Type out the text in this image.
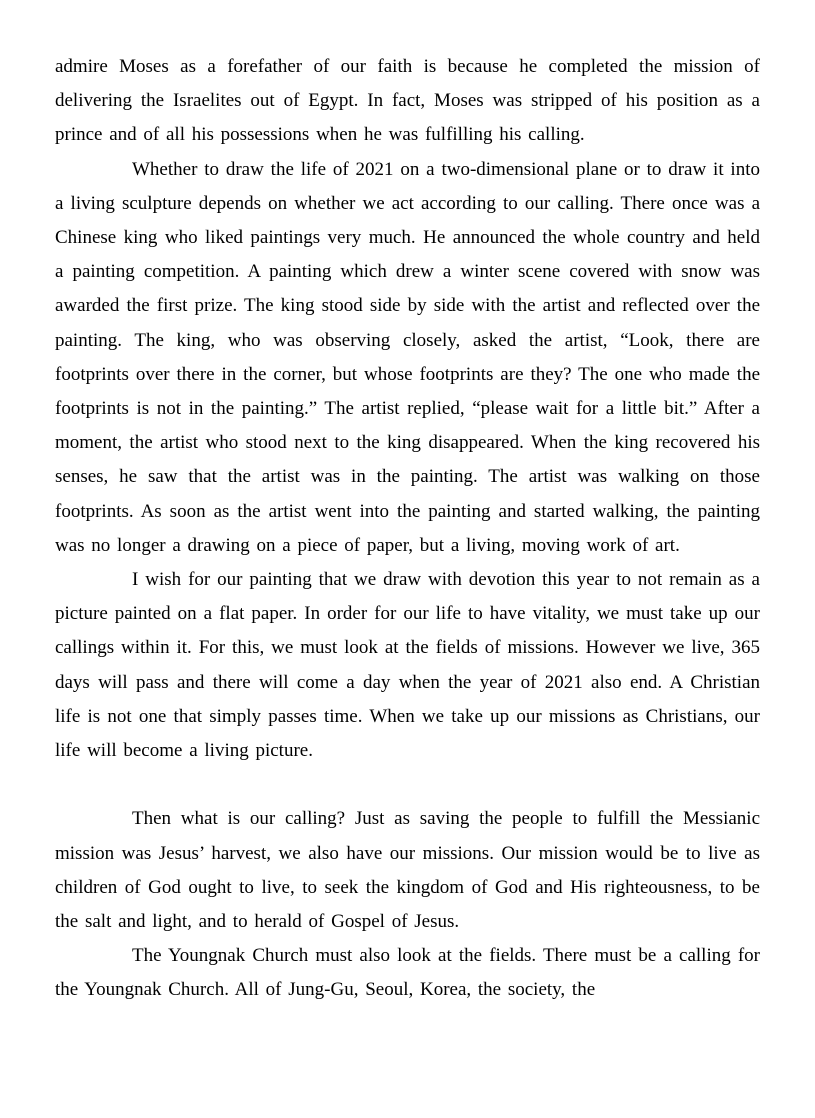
admire Moses as a forefather of our faith is because he completed the mission of delivering the Israelites out of Egypt. In fact, Moses was stripped of his position as a prince and of all his possessions when he was fulfilling his calling.

Whether to draw the life of 2021 on a two-dimensional plane or to draw it into a living sculpture depends on whether we act according to our calling. There once was a Chinese king who liked paintings very much. He announced the whole country and held a painting competition. A painting which drew a winter scene covered with snow was awarded the first prize. The king stood side by side with the artist and reflected over the painting. The king, who was observing closely, asked the artist, “Look, there are footprints over there in the corner, but whose footprints are they? The one who made the footprints is not in the painting.” The artist replied, “please wait for a little bit.” After a moment, the artist who stood next to the king disappeared. When the king recovered his senses, he saw that the artist was in the painting. The artist was walking on those footprints. As soon as the artist went into the painting and started walking, the painting was no longer a drawing on a piece of paper, but a living, moving work of art.

I wish for our painting that we draw with devotion this year to not remain as a picture painted on a flat paper. In order for our life to have vitality, we must take up our callings within it. For this, we must look at the fields of missions. However we live, 365 days will pass and there will come a day when the year of 2021 also end. A Christian life is not one that simply passes time. When we take up our missions as Christians, our life will become a living picture.

Then what is our calling? Just as saving the people to fulfill the Messianic mission was Jesus’ harvest, we also have our missions. Our mission would be to live as children of God ought to live, to seek the kingdom of God and His righteousness, to be the salt and light, and to herald of Gospel of Jesus.

The Youngnak Church must also look at the fields. There must be a calling for the Youngnak Church. All of Jung-Gu, Seoul, Korea, the society, the
